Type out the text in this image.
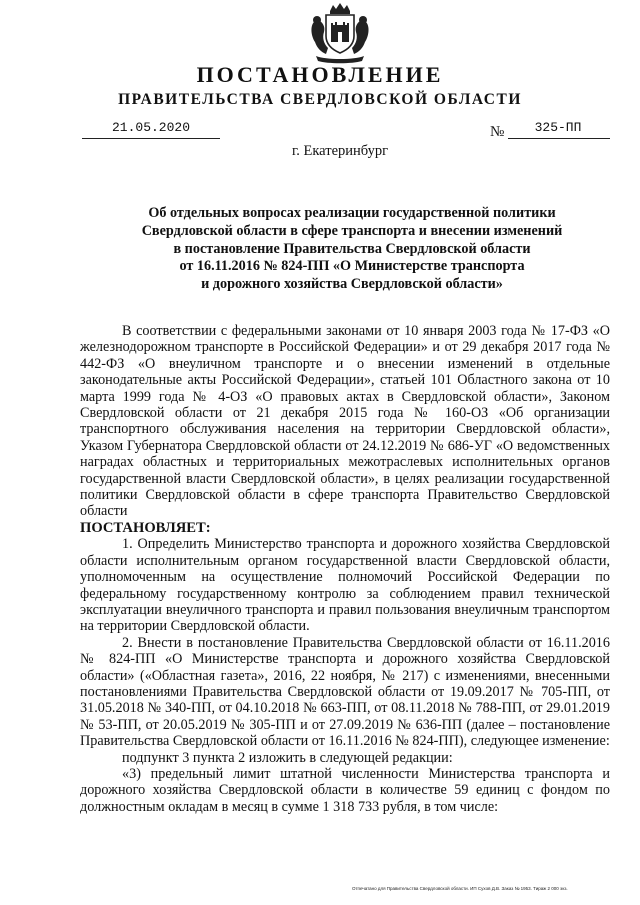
ПОСТАНОВЛЕНИЕ
ПРАВИТЕЛЬСТВА СВЕРДЛОВСКОЙ ОБЛАСТИ
21.05.2020	№	325-ПП
г. Екатеринбург
Об отдельных вопросах реализации государственной политики
Свердловской области в сфере транспорта и внесении изменений
в постановление Правительства Свердловской области
от 16.11.2016 № 824-ПП «О Министерстве транспорта
и дорожного хозяйства Свердловской области»

В соответствии с федеральными законами от 10 января 2003 года № 17-ФЗ «О железнодорожном транспорте в Российской Федерации» и от 29 декабря 2017 года № 442-ФЗ «О внеуличном транспорте и о внесении изменений в отдельные законодательные акты Российской Федерации», статьей 101 Областного закона от 10 марта 1999 года № 4-ОЗ «О правовых актах в Свердловской области», Законом Свердловской области от 21 декабря 2015 года № 160-ОЗ «Об организации транспортного обслуживания населения на территории Свердловской области», Указом Губернатора Свердловской области от 24.12.2019 № 686-УГ «О ведомственных наградах областных и территориальных межотраслевых исполнительных органов государственной власти Свердловской области», в целях реализации государственной политики Свердловской области в сфере транспорта Правительство Свердловской области

ПОСТАНОВЛЯЕТ:

1. Определить Министерство транспорта и дорожного хозяйства Свердловской области исполнительным органом государственной власти Свердловской области, уполномоченным на осуществление полномочий Российской Федерации по федеральному государственному контролю за соблюдением правил технической эксплуатации внеуличного транспорта и правил пользования внеуличным транспортом на территории Свердловской области.

2. Внести в постановление Правительства Свердловской области от 16.11.2016 № 824-ПП «О Министерстве транспорта и дорожного хозяйства Свердловской области» («Областная газета», 2016, 22 ноября, № 217) с изменениями, внесенными постановлениями Правительства Свердловской области от 19.09.2017 № 705-ПП, от 31.05.2018 № 340-ПП, от 04.10.2018 № 663-ПП, от 08.11.2018 № 788-ПП, от 29.01.2019 № 53-ПП, от 20.05.2019 № 305-ПП и от 27.09.2019 № 636-ПП (далее – постановление Правительства Свердловской области от 16.11.2016 № 824-ПП), следующее изменение:

подпункт 3 пункта 2 изложить в следующей редакции:

«3) предельный лимит штатной численности Министерства транспорта и дорожного хозяйства Свердловской области в количестве 59 единиц с фондом по должностным окладам в месяц в сумме 1 318 733 рубля, в том числе:

Отпечатано для Правительства Свердловской области. ИП Сухов Д.В. Заказ № 1953. Тираж 2 000 экз.
